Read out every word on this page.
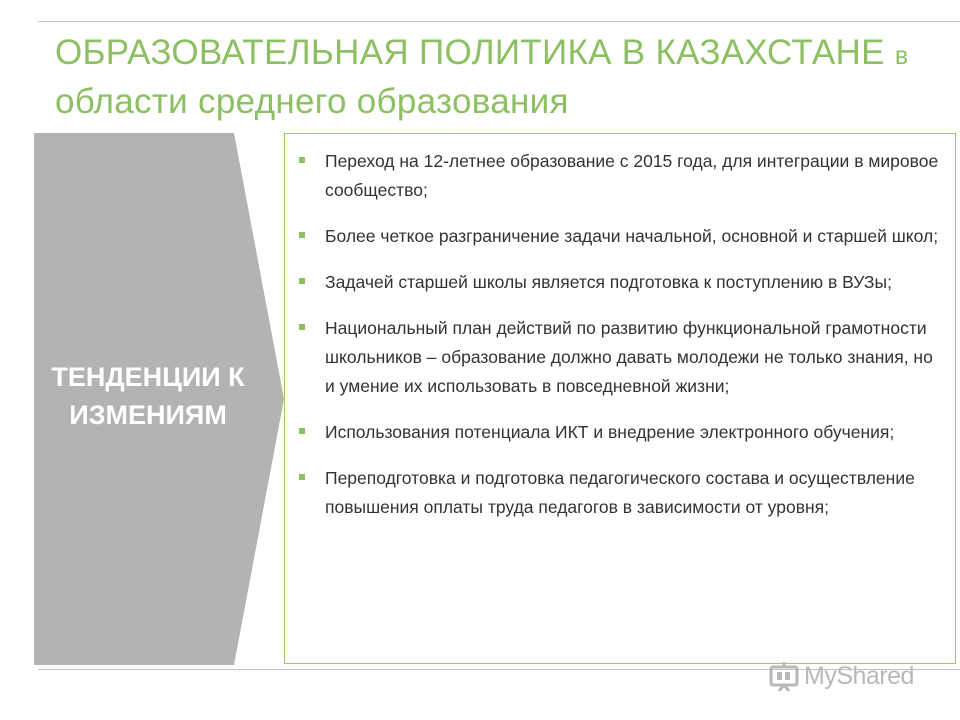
ОБРАЗОВАТЕЛЬНАЯ ПОЛИТИКА В КАЗАХСТАНЕ в
области среднего образования
ТЕНДЕНЦИИ К
ИЗМЕНИЯМ
Переход на 12-летнее образование с 2015 года, для интеграции в мировое сообщество;
Более четкое разграничение задачи начальной, основной и старшей школ;
Задачей старшей школы является подготовка к поступлению в ВУЗы;
Национальный план действий по развитию функциональной грамотности школьников – образование должно давать молодежи не только знания, но и умение их использовать в повседневной жизни;
Использования потенциала ИКТ и внедрение электронного обучения;
Переподготовка и подготовка педагогического состава и осуществление повышения оплаты труда педагогов в зависимости от уровня;
MyShared
